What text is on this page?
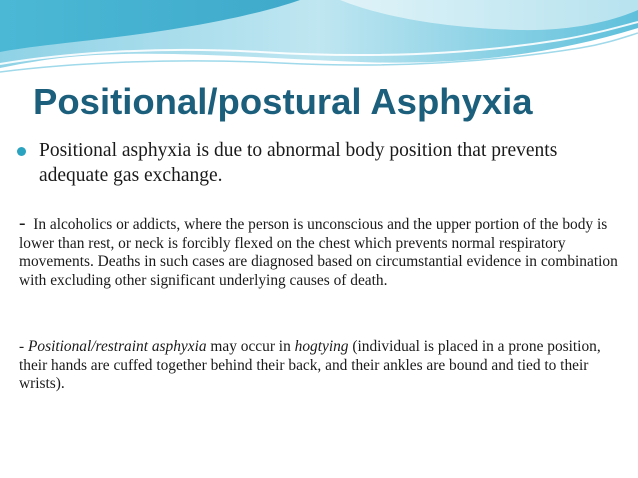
Positional/postural Asphyxia

Positional asphyxia is due to abnormal body position that prevents adequate gas exchange.

- In alcoholics or addicts, where the person is unconscious and the upper portion of the body is lower than rest, or neck is forcibly flexed on the chest which prevents normal respiratory movements. Deaths in such cases are diagnosed based on circumstantial evidence in combination with excluding other significant underlying causes of death.

- Positional/restraint asphyxia may occur in hogtying (individual is placed in a prone position, their hands are cuffed together behind their back, and their ankles are bound and tied to their wrists).
